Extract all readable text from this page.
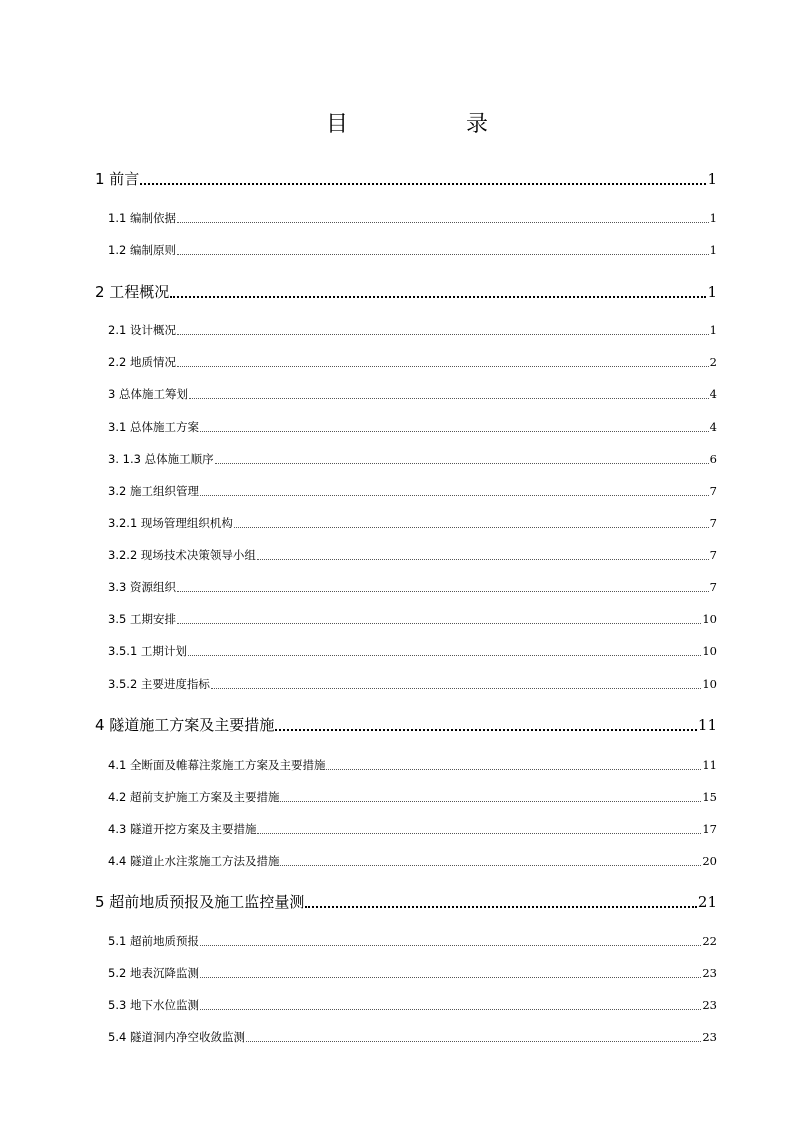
目	录
1 前言	1
1.1 编制依据	1
1.2 编制原则	1
2 工程概况	1
2.1 设计概况	1
2.2 地质情况	2
3 总体施工筹划	4
3.1 总体施工方案	4
3. 1.3 总体施工顺序	6
3.2 施工组织管理	7
3.2.1 现场管理组织机构	7
3.2.2 现场技术决策领导小组	7
3.3 资源组织	7
3.5 工期安排	10
3.5.1 工期计划	10
3.5.2 主要进度指标	10
4 隧道施工方案及主要措施	11
4.1 全断面及帷幕注浆施工方案及主要措施	11
4.2 超前支护施工方案及主要措施	15
4.3 隧道开挖方案及主要措施	17
4.4 隧道止水注浆施工方法及措施	20
5 超前地质预报及施工监控量测	21
5.1 超前地质预报	22
5.2 地表沉降监测	23
5.3 地下水位监测	23
5.4 隧道洞内净空收敛监测	23
